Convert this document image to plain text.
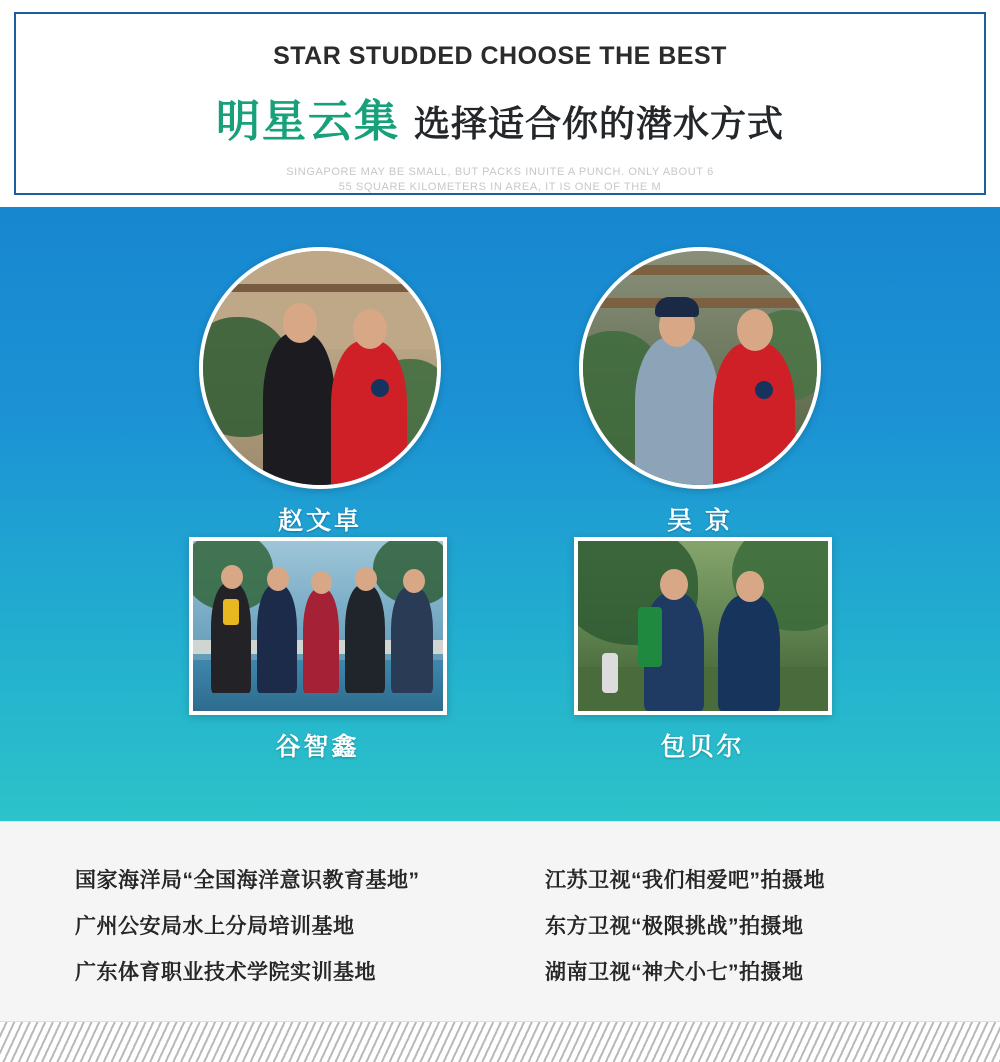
STAR STUDDED CHOOSE THE BEST
明星云集 选择适合你的潜水方式
SINGAPORE MAY BE SMALL, BUT PACKS INUITE A PUNCH. ONLY ABOUT 6
55 SQUARE KILOMETERS IN AREA, IT IS ONE OF THE M
赵文卓	吴 京
谷智鑫	包贝尔
国家海洋局“全国海洋意识教育基地”
广州公安局水上分局培训基地
广东体育职业技术学院实训基地
江苏卫视“我们相爱吧”拍摄地
东方卫视“极限挑战”拍摄地
湖南卫视“神犬小七”拍摄地
